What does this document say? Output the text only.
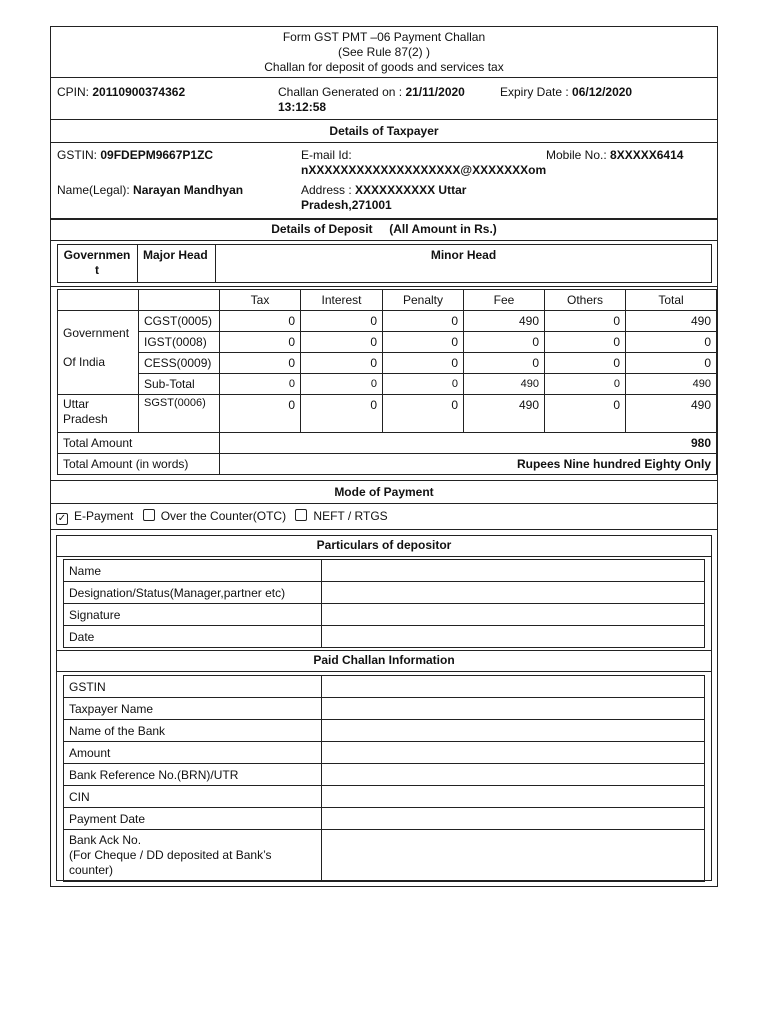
Form GST PMT –06 Payment Challan
(See Rule 87(2) )
Challan for deposit of goods and services tax
CPIN: 20110900374362	Challan Generated on : 21/11/2020
13:12:58
Expiry Date : 06/12/2020
Details of Taxpayer
GSTIN: 09FDEPM9667P1ZC	E-mail Id:
nXXXXXXXXXXXXXXXXXXX@XXXXXXXom
Mobile No.: 8XXXXX6414
Name(Legal): Narayan Mandhyan	Address : XXXXXXXXXX Uttar
Pradesh,271001
Details of Deposit (All Amount in Rs.)
Governmen
t
Major Head	Minor Head
		Tax	Interest	Penalty	Fee	Others	Total
Government
Of India	CGST(0005)	0	0	0	490	0	490
	IGST(0008)	0	0	0	0	0	0
	CESS(0009)	0	0	0	0	0	0
	Sub-Total	0	0	0	490	0	490
Uttar
Pradesh	SGST(0006)	0	0	0	490	0	490
Total Amount		980					
Total Amount (in words)		Rupees Nine hundred Eighty Only					
Mode of Payment
✓ E-Payment Over the Counter(OTC) NEFT / RTGS
Particulars of depositor
Name	
Designation/Status(Manager,partner etc)	
Signature	
Date	
Paid Challan Information
GSTIN	
Taxpayer Name	
Name of the Bank	
Amount	
Bank Reference No.(BRN)/UTR	
CIN	
Payment Date	
Bank Ack No.
(For Cheque / DD deposited at Bank’s
counter)	
